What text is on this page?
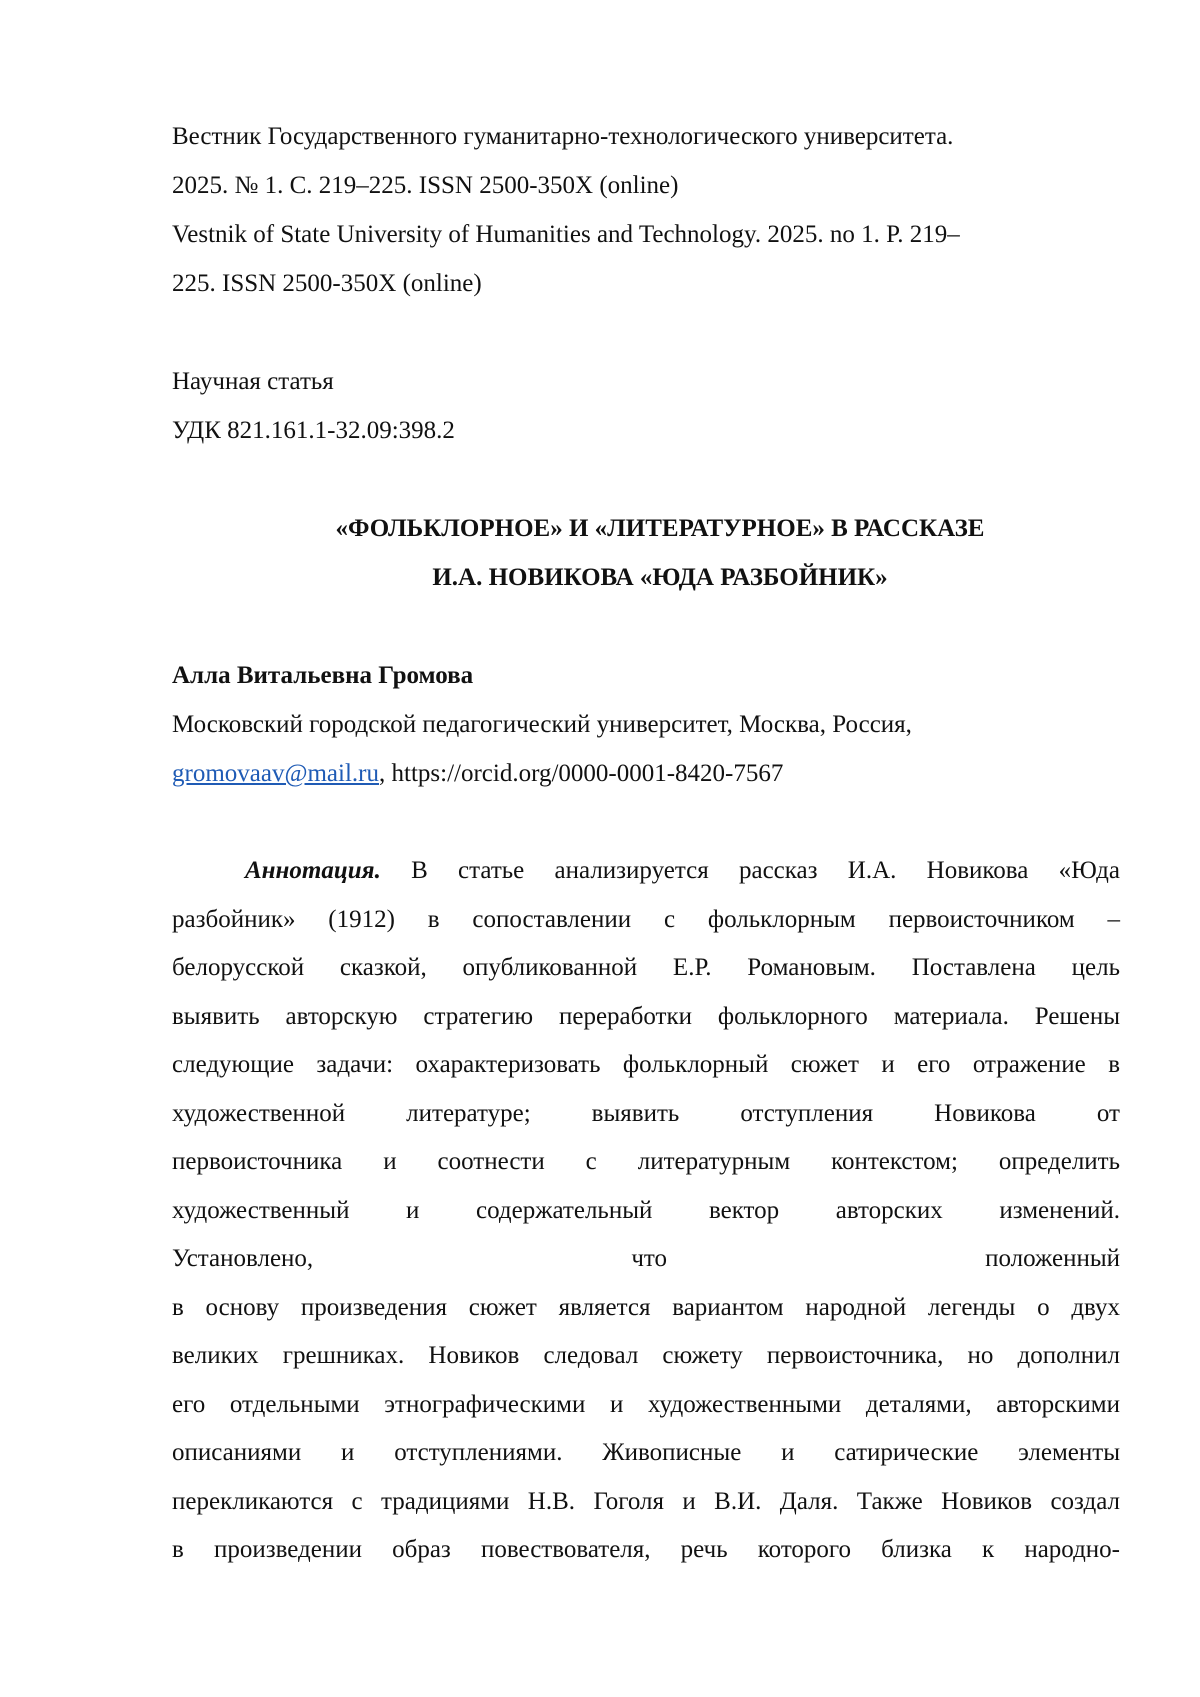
Вестник Государственного гуманитарно-технологического университета.

2025. № 1. С. 219–225. ISSN 2500-350X (online)

Vestnik of State University of Humanities and Technology. 2025. no 1. P. 219–

225. ISSN 2500-350X (online)

Научная статья

УДК 821.161.1-32.09:398.2

«ФОЛЬКЛОРНОЕ» И «ЛИТЕРАТУРНОЕ» В РАССКАЗЕ

И.А. НОВИКОВА «ЮДА РАЗБОЙНИК»

Алла Витальевна Громова

Московский городской педагогический университет, Москва, Россия,

gromovaav@mail.ru, https://orcid.org/0000-0001-8420-7567

Аннотация. В статье анализируется рассказ И.А. Новикова «Юда
разбойник» (1912) в сопоставлении с фольклорным первоисточником –
белорусской сказкой, опубликованной Е.Р. Романовым. Поставлена цель
выявить авторскую стратегию переработки фольклорного материала. Решены
следующие задачи: охарактеризовать фольклорный сюжет и его отражение в
художественной литературе; выявить отступления Новикова от
первоисточника и соотнести с литературным контекстом; определить
художественный и содержательный вектор авторских изменений.
Установлено, что положенный
в основу произведения сюжет является вариантом народной легенды о двух
великих грешниках. Новиков следовал сюжету первоисточника, но дополнил
его отдельными этнографическими и художественными деталями, авторскими
описаниями и отступлениями. Живописные и сатирические элементы
перекликаются с традициями Н.В. Гоголя и В.И. Даля. Также Новиков создал
в произведении образ повествователя, речь которого близка к народно-
